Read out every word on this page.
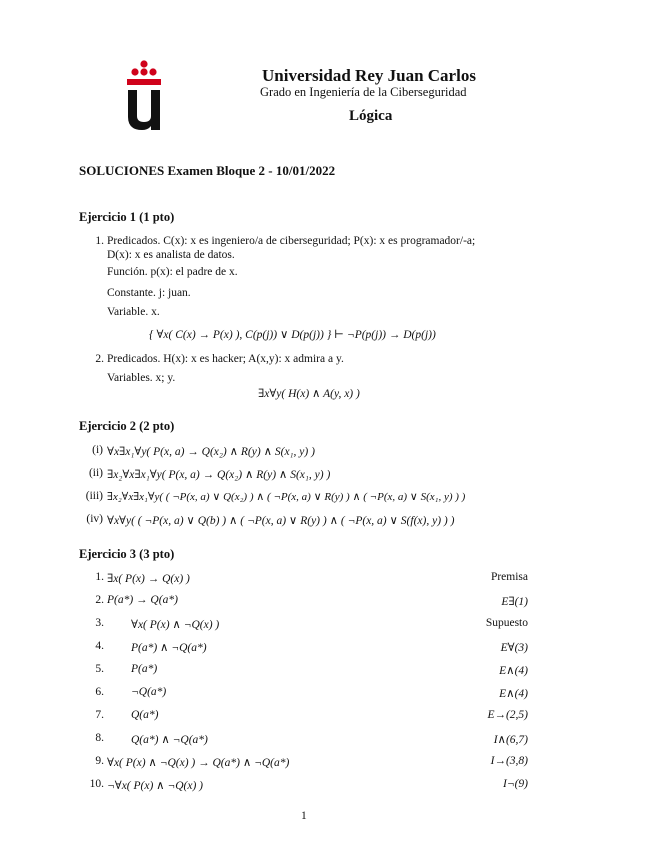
Universidad Rey Juan Carlos
Grado en Ingeniería de la Ciberseguridad
Lógica
SOLUCIONES Examen Bloque 2 - 10/01/2022
Ejercicio 1 (1 pto)
1. Predicados. C(x): x es ingeniero/a de ciberseguridad; P(x): x es programador/-a;
D(x): x es analista de datos.
Función. p(x): el padre de x.
Constante. j: juan.
Variable. x.
{ ∀x( C(x) → P(x) ), C(p(j)) ∨ D(p(j)) } ⊢ ¬P(p(j)) → D(p(j))
2. Predicados. H(x): x es hacker; A(x,y): x admira a y.
Variables. x; y.
∃x∀y( H(x) ∧ A(y, x) )
Ejercicio 2 (2 pto)
(i) ∀x∃x₁∀y( P(x, a) → Q(x₂) ∧ R(y) ∧ S(x₁, y) )
(ii) ∃x₂∀x∃x₁∀y( P(x, a) → Q(x₂) ∧ R(y) ∧ S(x₁, y) )
(iii) ∃x₂∀x∃x₁∀y( ( ¬P(x, a) ∨ Q(x₂) ) ∧ ( ¬P(x, a) ∨ R(y) ) ∧ ( ¬P(x, a) ∨ S(x₁, y) ) )
(iv) ∀x∀y( ( ¬P(x, a) ∨ Q(b) ) ∧ ( ¬P(x, a) ∨ R(y) ) ∧ ( ¬P(x, a) ∨ S(f(x), y) ) )
Ejercicio 3 (3 pto)
1. ∃x( P(x) → Q(x) )	Premisa
2. P(a*) → Q(a*)	E∃(1)
3. ∀x( P(x) ∧ ¬Q(x) )	Supuesto
4. P(a*) ∧ ¬Q(a*)	E∀(3)
5. P(a*)	E∧(4)
6. ¬Q(a*)	E∧(4)
7. Q(a*)	E→(2,5)
8. Q(a*) ∧ ¬Q(a*)	I∧(6,7)
9. ∀x( P(x) ∧ ¬Q(x) ) → Q(a*) ∧ ¬Q(a*)	I→(3,8)
10. ¬∀x( P(x) ∧ ¬Q(x) )	I¬(9)
1
